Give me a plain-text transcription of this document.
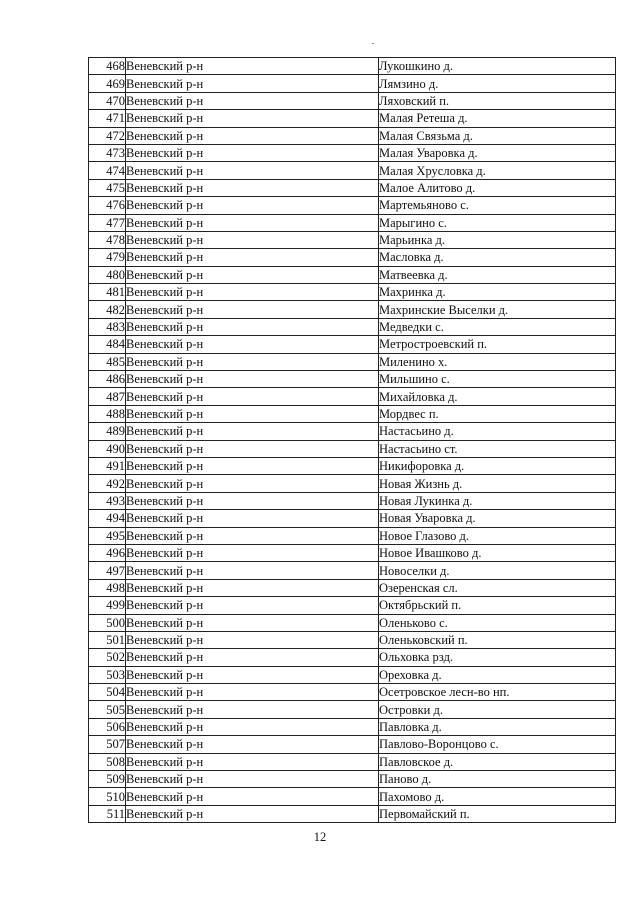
468	Веневский р-н	Лукошкино д.
469	Веневский р-н	Лямзино д.
470	Веневский р-н	Ляховский п.
471	Веневский р-н	Малая Ретеша д.
472	Веневский р-н	Малая Связьма д.
473	Веневский р-н	Малая Уваровка д.
474	Веневский р-н	Малая Хрусловка д.
475	Веневский р-н	Малое Алитово д.
476	Веневский р-н	Мартемьяново с.
477	Веневский р-н	Марыгино с.
478	Веневский р-н	Марьинка д.
479	Веневский р-н	Масловка д.
480	Веневский р-н	Матвеевка д.
481	Веневский р-н	Махринка д.
482	Веневский р-н	Махринские Выселки д.
483	Веневский р-н	Медведки с.
484	Веневский р-н	Метростроевский п.
485	Веневский р-н	Миленино х.
486	Веневский р-н	Мильшино с.
487	Веневский р-н	Михайловка д.
488	Веневский р-н	Мордвес п.
489	Веневский р-н	Настасьино д.
490	Веневский р-н	Настасьино ст.
491	Веневский р-н	Никифоровка д.
492	Веневский р-н	Новая Жизнь д.
493	Веневский р-н	Новая Лукинка д.
494	Веневский р-н	Новая Уваровка д.
495	Веневский р-н	Новое Глазово д.
496	Веневский р-н	Новое Ивашково д.
497	Веневский р-н	Новоселки д.
498	Веневский р-н	Озеренская сл.
499	Веневский р-н	Октябрьский п.
500	Веневский р-н	Оленьково с.
501	Веневский р-н	Оленьковский п.
502	Веневский р-н	Ольховка рзд.
503	Веневский р-н	Ореховка д.
504	Веневский р-н	Осетровское лесн-во нп.
505	Веневский р-н	Островки д.
506	Веневский р-н	Павловка д.
507	Веневский р-н	Павлово-Воронцово с.
508	Веневский р-н	Павловское д.
509	Веневский р-н	Паново д.
510	Веневский р-н	Пахомово д.
511	Веневский р-н	Первомайский п.
12
